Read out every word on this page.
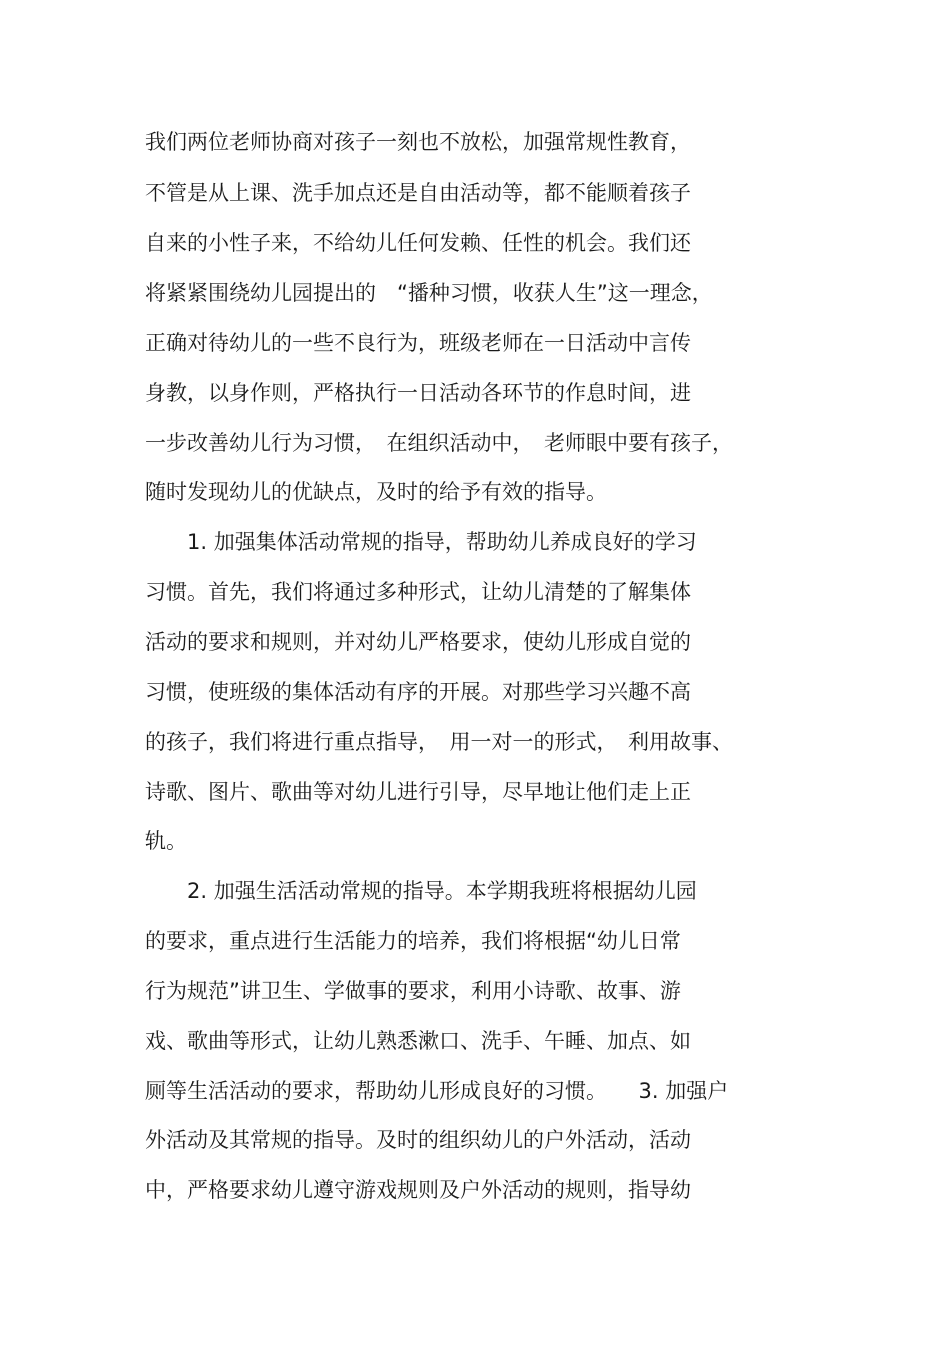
我们两位老师协商对孩子一刻也不放松，加强常规性教育，
不管是从上课、洗手加点还是自由活动等，都不能顺着孩子
自来的小性子来，不给幼儿任何发赖、任性的机会。我们还
将紧紧围绕幼儿园提出的　“播种习惯，收获人生”这一理念，
正确对待幼儿的一些不良行为，班级老师在一日活动中言传
身教，以身作则，严格执行一日活动各环节的作息时间，进
一步改善幼儿行为习惯，　在组织活动中，　老师眼中要有孩子，
随时发现幼儿的优缺点，及时的给予有效的指导。
　　1. 加强集体活动常规的指导，帮助幼儿养成良好的学习
习惯。首先，我们将通过多种形式，让幼儿清楚的了解集体
活动的要求和规则，并对幼儿严格要求，使幼儿形成自觉的
习惯，使班级的集体活动有序的开展。对那些学习兴趣不高
的孩子，我们将进行重点指导，　用一对一的形式，　利用故事、
诗歌、图片、歌曲等对幼儿进行引导，尽早地让他们走上正
轨。
　　2. 加强生活活动常规的指导。本学期我班将根据幼儿园
的要求，重点进行生活能力的培养，我们将根据“幼儿日常
行为规范”讲卫生、学做事的要求，利用小诗歌、故事、游
戏、歌曲等形式，让幼儿熟悉漱口、洗手、午睡、加点、如
厕等生活活动的要求，帮助幼儿形成良好的习惯。　　3. 加强户
外活动及其常规的指导。及时的组织幼儿的户外活动，活动
中，严格要求幼儿遵守游戏规则及户外活动的规则，指导幼
